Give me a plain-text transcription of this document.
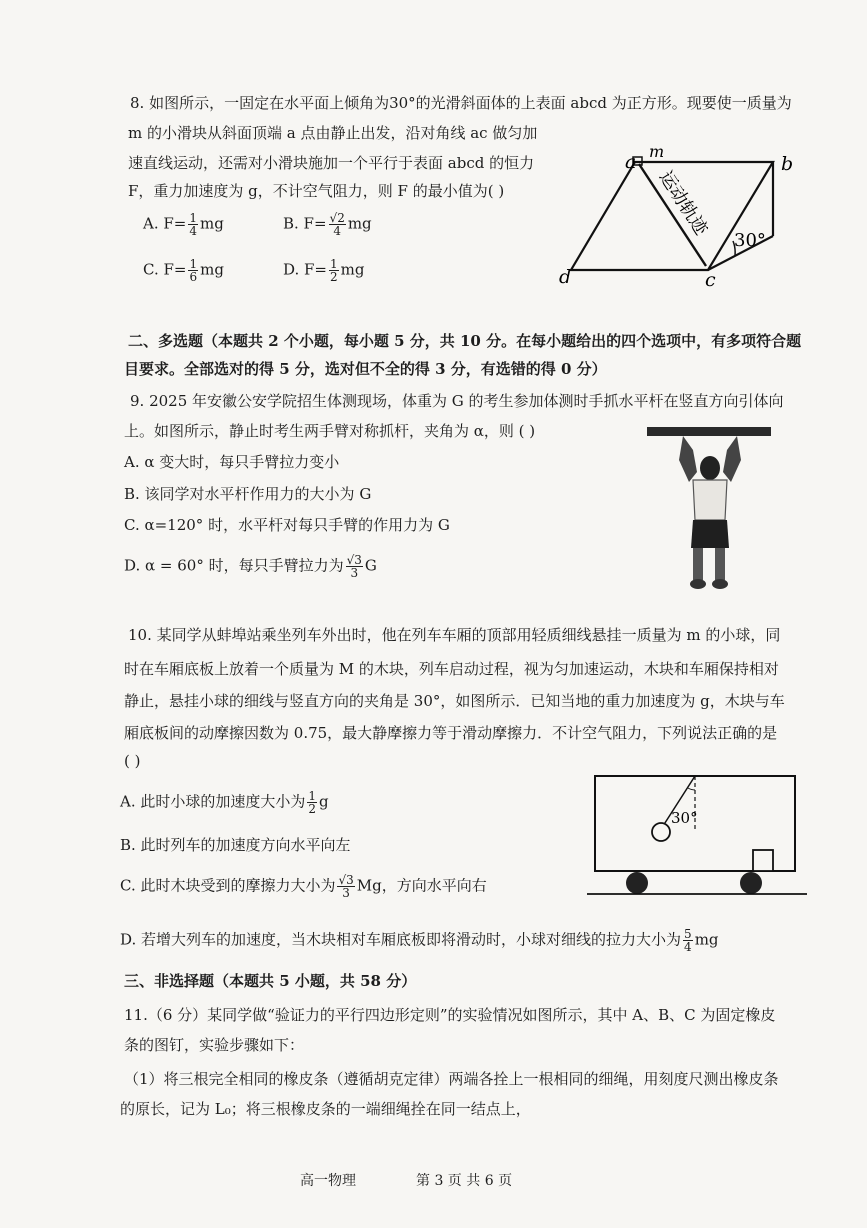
8. 如图所示，一固定在水平面上倾角为30°的光滑斜面体的上表面 abcd 为正方形。现要使一质量为
m 的小滑块从斜面顶端 a 点由静止出发，沿对角线 ac 做匀加
速直线运动，还需对小滑块施加一个平行于表面 abcd 的恒力
F，重力加速度为 g，不计空气阻力，则 F 的最小值为( )
A. $F= \frac{1}{4}$ mg	B. $F= \frac{√2}{4}$ mg
C. $F= \frac{1}{6}$ mg	D. $F= \frac{1}{2}$ mg
a m
b
c
d
运动轨迹
30°
二、多选题（本题共 2 个小题，每小题 5 分，共 10 分。在每小题给出的四个选项中，有多项符合题
目要求。全部选对的得 5 分，选对但不全的得 3 分，有选错的得 0 分）
9. 2025 年安徽公安学院招生体测现场，体重为 G 的考生参加体测时手抓水平杆在竖直方向引体向
上。如图所示，静止时考生两手臂对称抓杆，夹角为 α，则 ( )
A. α 变大时，每只手臂拉力变小
B. 该同学对水平杆作用力的大小为 G
C. α=120° 时，水平杆对每只手臂的作用力为 G
D. α = 60° 时，每只手臂拉力为 $\frac{√3}{3}$ G
10. 某同学从蚌埠站乘坐列车外出时，他在列车车厢的顶部用轻质细线悬挂一质量为 m 的小球，同
时在车厢底板上放着一个质量为 M 的木块，列车启动过程，视为匀加速运动，木块和车厢保持相对
静止，悬挂小球的细线与竖直方向的夹角是 30°，如图所示．已知当地的重力加速度为 g，木块与车
厢底板间的动摩擦因数为 0.75，最大静摩擦力等于滑动摩擦力．不计空气阻力，下列说法正确的是
( )
A. 此时小球的加速度大小为 $\frac{1}{2}$ g
B. 此时列车的加速度方向水平向左
C. 此时木块受到的摩擦力大小为 $\frac{√3}{3}$ Mg，方向水平向右
D. 若增大列车的加速度，当木块相对车厢底板即将滑动时，小球对细线的拉力大小为 $\frac{5}{4}$ mg
30°
三、非选择题（本题共 5 小题，共 58 分）
11.（6 分）某同学做“验证力的平行四边形定则”的实验情况如图所示，其中 A、B、C 为固定橡皮
条的图钉，实验步骤如下：
（1）将三根完全相同的橡皮条（遵循胡克定律）两端各拴上一根相同的细绳，用刻度尺测出橡皮条
的原长，记为 L₀；将三根橡皮条的一端细绳拴在同一结点上，
高一物理	第 3 页 共 6 页
